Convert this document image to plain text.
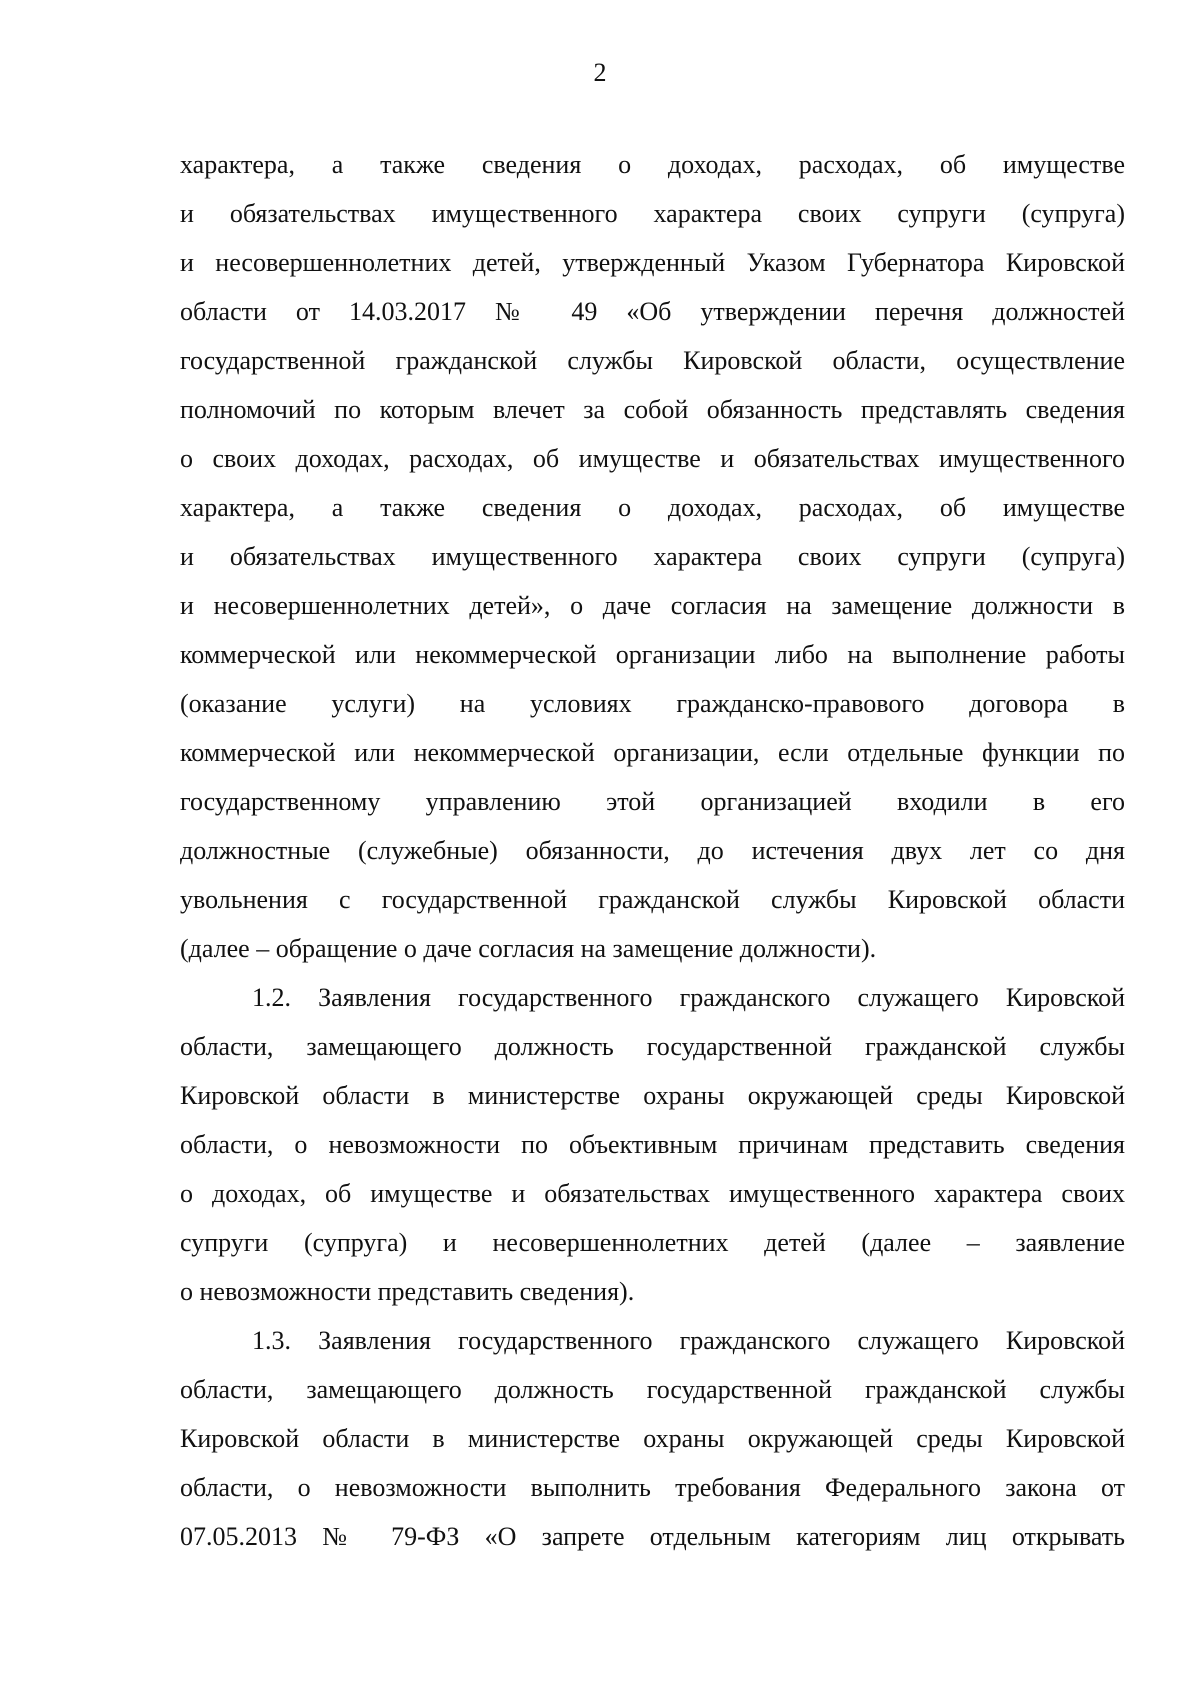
2
характера, а также сведения о доходах, расходах, об имуществе
и обязательствах имущественного характера своих супруги (супруга)
и несовершеннолетних детей, утвержденный Указом Губернатора Кировской
области от 14.03.2017 № 49 «Об утверждении перечня должностей
государственной гражданской службы Кировской области, осуществление
полномочий по которым влечет за собой обязанность представлять сведения
о своих доходах, расходах, об имуществе и обязательствах имущественного
характера, а также сведения о доходах, расходах, об имуществе
и обязательствах имущественного характера своих супруги (супруга)
и несовершеннолетних детей», о даче согласия на замещение должности в
коммерческой или некоммерческой организации либо на выполнение работы
(оказание услуги) на условиях гражданско-правового договора в
коммерческой или некоммерческой организации, если отдельные функции по
государственному управлению этой организацией входили в его
должностные (служебные) обязанности, до истечения двух лет со дня
увольнения с государственной гражданской службы Кировской области
(далее – обращение о даче согласия на замещение должности).
1.2. Заявления государственного гражданского служащего Кировской
области, замещающего должность государственной гражданской службы
Кировской области в министерстве охраны окружающей среды Кировской
области, о невозможности по объективным причинам представить сведения
о доходах, об имуществе и обязательствах имущественного характера своих
супруги (супруга) и несовершеннолетних детей (далее – заявление
о невозможности представить сведения).
1.3. Заявления государственного гражданского служащего Кировской
области, замещающего должность государственной гражданской службы
Кировской области в министерстве охраны окружающей среды Кировской
области, о невозможности выполнить требования Федерального закона от
07.05.2013 № 79-ФЗ «О запрете отдельным категориям лиц открывать
